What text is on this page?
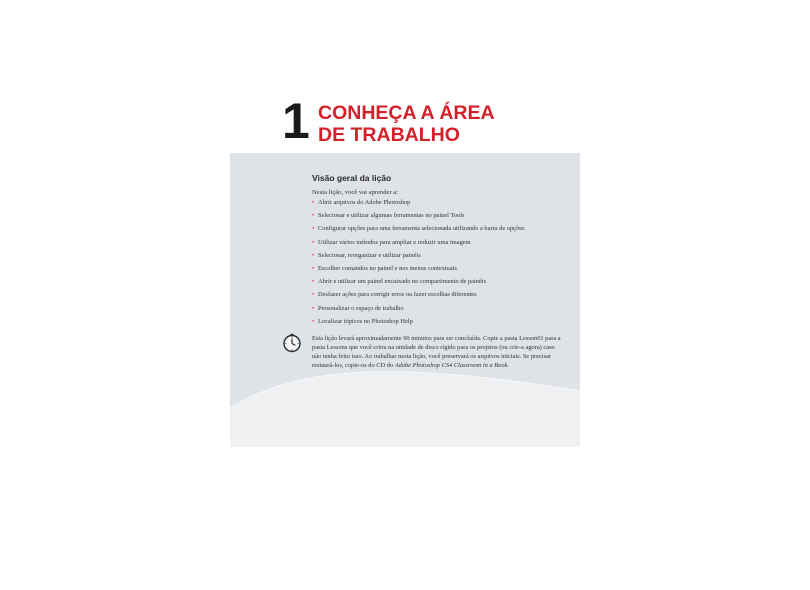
1 CONHEÇA A ÁREA
DE TRABALHO
Visão geral da lição
Nesta lição, você vai aprender a:
• Abrir arquivos do Adobe Photoshop
• Selecionar e utilizar algumas ferramentas no painel Tools
• Configurar opções para uma ferramenta selecionada utilizando a barra de opções
• Utilizar vários métodos para ampliar e reduzir uma imagem
• Selecionar, reorganizar e utilizar painéis
• Escolher comandos no painel e nos menus contextuais
• Abrir e utilizar um painel encaixado no compartimento de painéis
• Desfazer ações para corrigir erros ou fazer escolhas diferentes
• Personalizar o espaço de trabalho
• Localizar tópicos no Photoshop Help

Esta lição levará aproximadamente 90 minutos para ser concluída. Copie a pasta Lesson01 para a pasta Lessons que você criou na unidade de disco rígido para os projetos (ou crie-a agora) caso não tenha feito isso. Ao trabalhar nesta lição, você preservará os arquivos iniciais. Se precisar restaurá-los, copie-os do CD do Adobe Photoshop CS4 Classroom in a Book.
